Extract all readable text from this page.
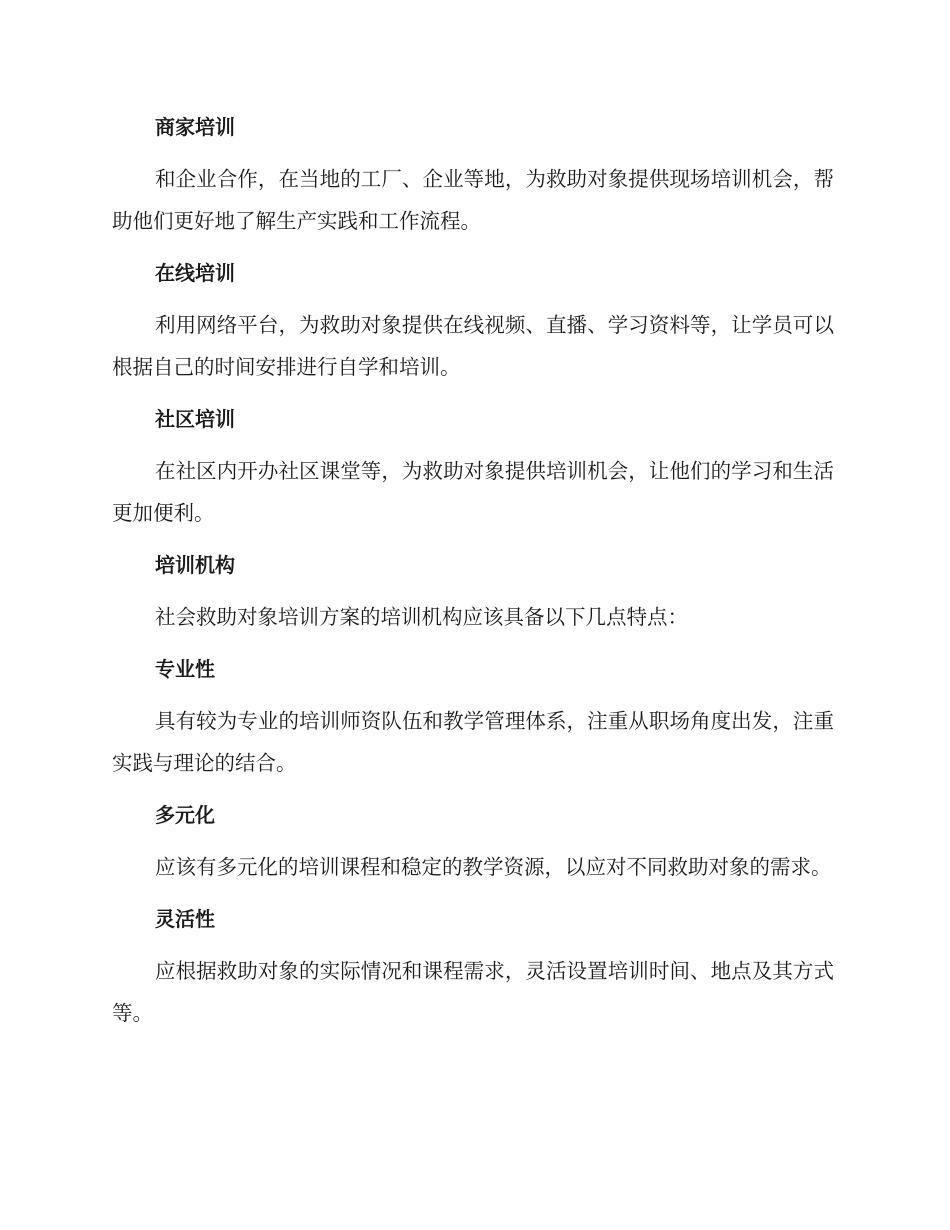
商家培训

和企业合作，在当地的工厂、企业等地，为救助对象提供现场培训机会，帮助他们更好地了解生产实践和工作流程。

在线培训

利用网络平台，为救助对象提供在线视频、直播、学习资料等，让学员可以根据自己的时间安排进行自学和培训。

社区培训

在社区内开办社区课堂等，为救助对象提供培训机会，让他们的学习和生活更加便利。

培训机构

社会救助对象培训方案的培训机构应该具备以下几点特点：

专业性

具有较为专业的培训师资队伍和教学管理体系，注重从职场角度出发，注重实践与理论的结合。

多元化

应该有多元化的培训课程和稳定的教学资源，以应对不同救助对象的需求。

灵活性

应根据救助对象的实际情况和课程需求，灵活设置培训时间、地点及其方式等。
